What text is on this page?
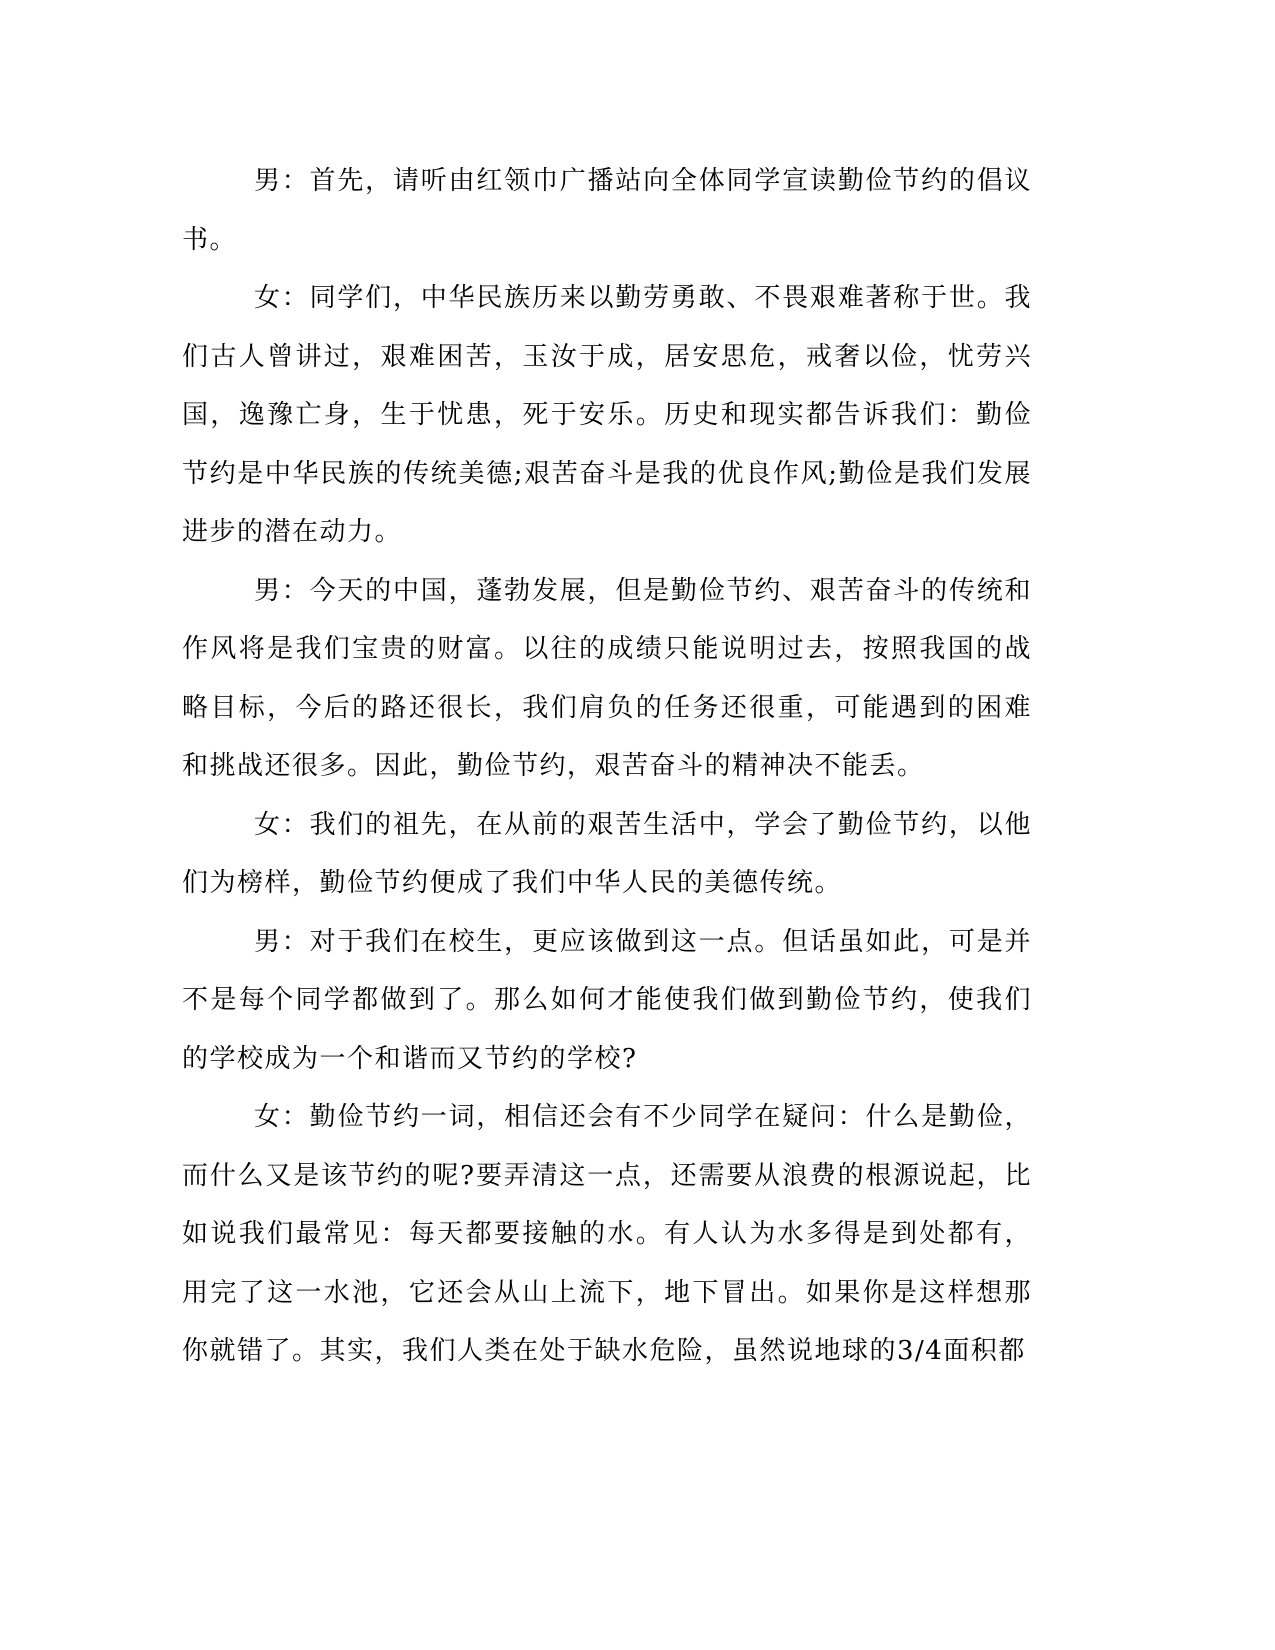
男：首先，请听由红领巾广播站向全体同学宣读勤俭节约的倡议书。

女：同学们，中华民族历来以勤劳勇敢、不畏艰难著称于世。我们古人曾讲过，艰难困苦，玉汝于成，居安思危，戒奢以俭，忧劳兴国，逸豫亡身，生于忧患，死于安乐。历史和现实都告诉我们：勤俭节约是中华民族的传统美德;艰苦奋斗是我的优良作风;勤俭是我们发展进步的潜在动力。

男：今天的中国，蓬勃发展，但是勤俭节约、艰苦奋斗的传统和作风将是我们宝贵的财富。以往的成绩只能说明过去，按照我国的战略目标，今后的路还很长，我们肩负的任务还很重，可能遇到的困难和挑战还很多。因此，勤俭节约，艰苦奋斗的精神决不能丢。

女：我们的祖先，在从前的艰苦生活中，学会了勤俭节约，以他们为榜样，勤俭节约便成了我们中华人民的美德传统。

男：对于我们在校生，更应该做到这一点。但话虽如此，可是并不是每个同学都做到了。那么如何才能使我们做到勤俭节约，使我们的学校成为一个和谐而又节约的学校?

女：勤俭节约一词，相信还会有不少同学在疑问：什么是勤俭，而什么又是该节约的呢?要弄清这一点，还需要从浪费的根源说起，比如说我们最常见：每天都要接触的水。有人认为水多得是到处都有，用完了这一水池，它还会从山上流下，地下冒出。如果你是这样想那你就错了。其实，我们人类在处于缺水危险，虽然说地球的3/4面积都
